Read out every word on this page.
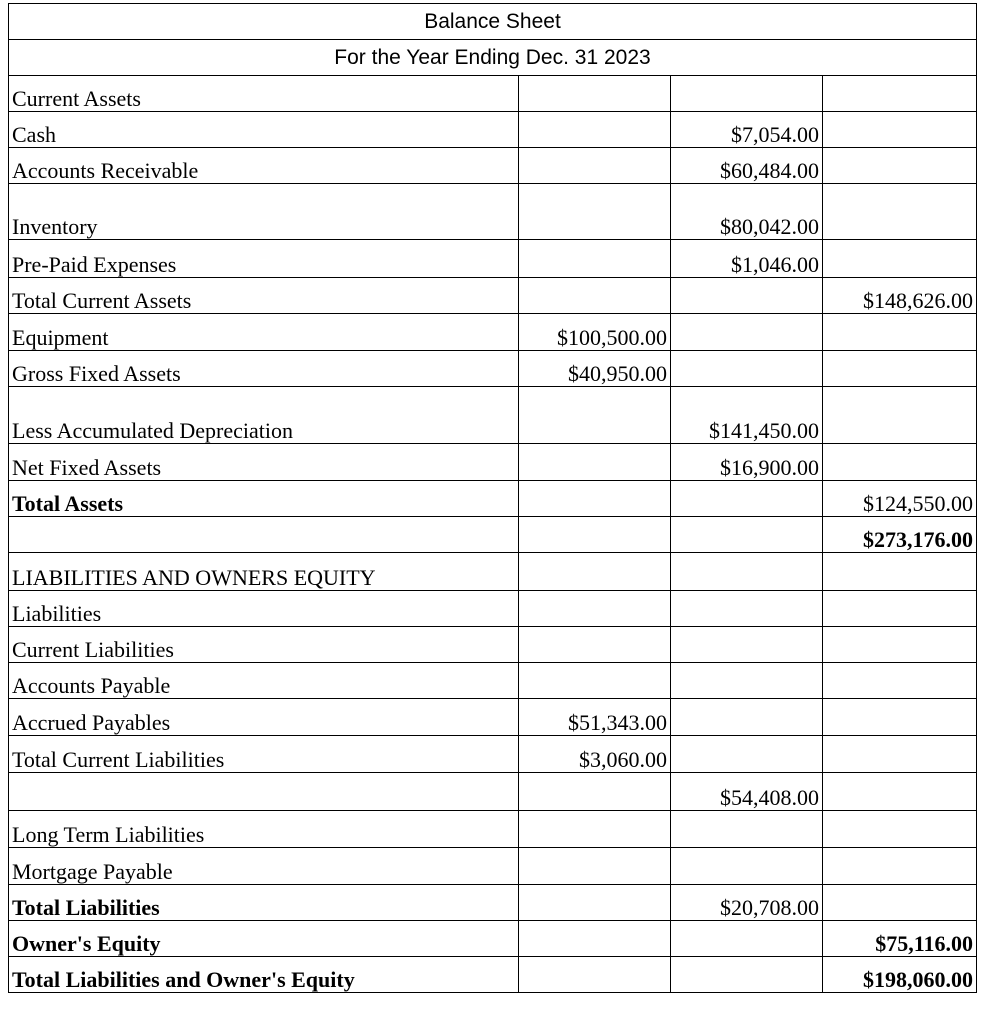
Balance Sheet			
For the Year Ending Dec. 31 2023			
Current Assets			
Cash		$7,054.00	
Accounts Receivable		$60,484.00	
Inventory		$80,042.00	
Pre-Paid Expenses		$1,046.00	
Total Current Assets			$148,626.00
Equipment	$100,500.00		
Gross Fixed Assets	$40,950.00		
Less Accumulated Depreciation		$141,450.00	
Net Fixed Assets		$16,900.00	
Total Assets			$124,550.00
			$273,176.00
LIABILITIES AND OWNERS EQUITY			
Liabilities			
Current Liabilities			
Accounts Payable			
Accrued Payables	$51,343.00		
Total Current Liabilities	$3,060.00		
		$54,408.00	
Long Term Liabilities			
Mortgage Payable			
Total Liabilities		$20,708.00	
Owner's Equity			$75,116.00
Total Liabilities and Owner's Equity			$198,060.00
